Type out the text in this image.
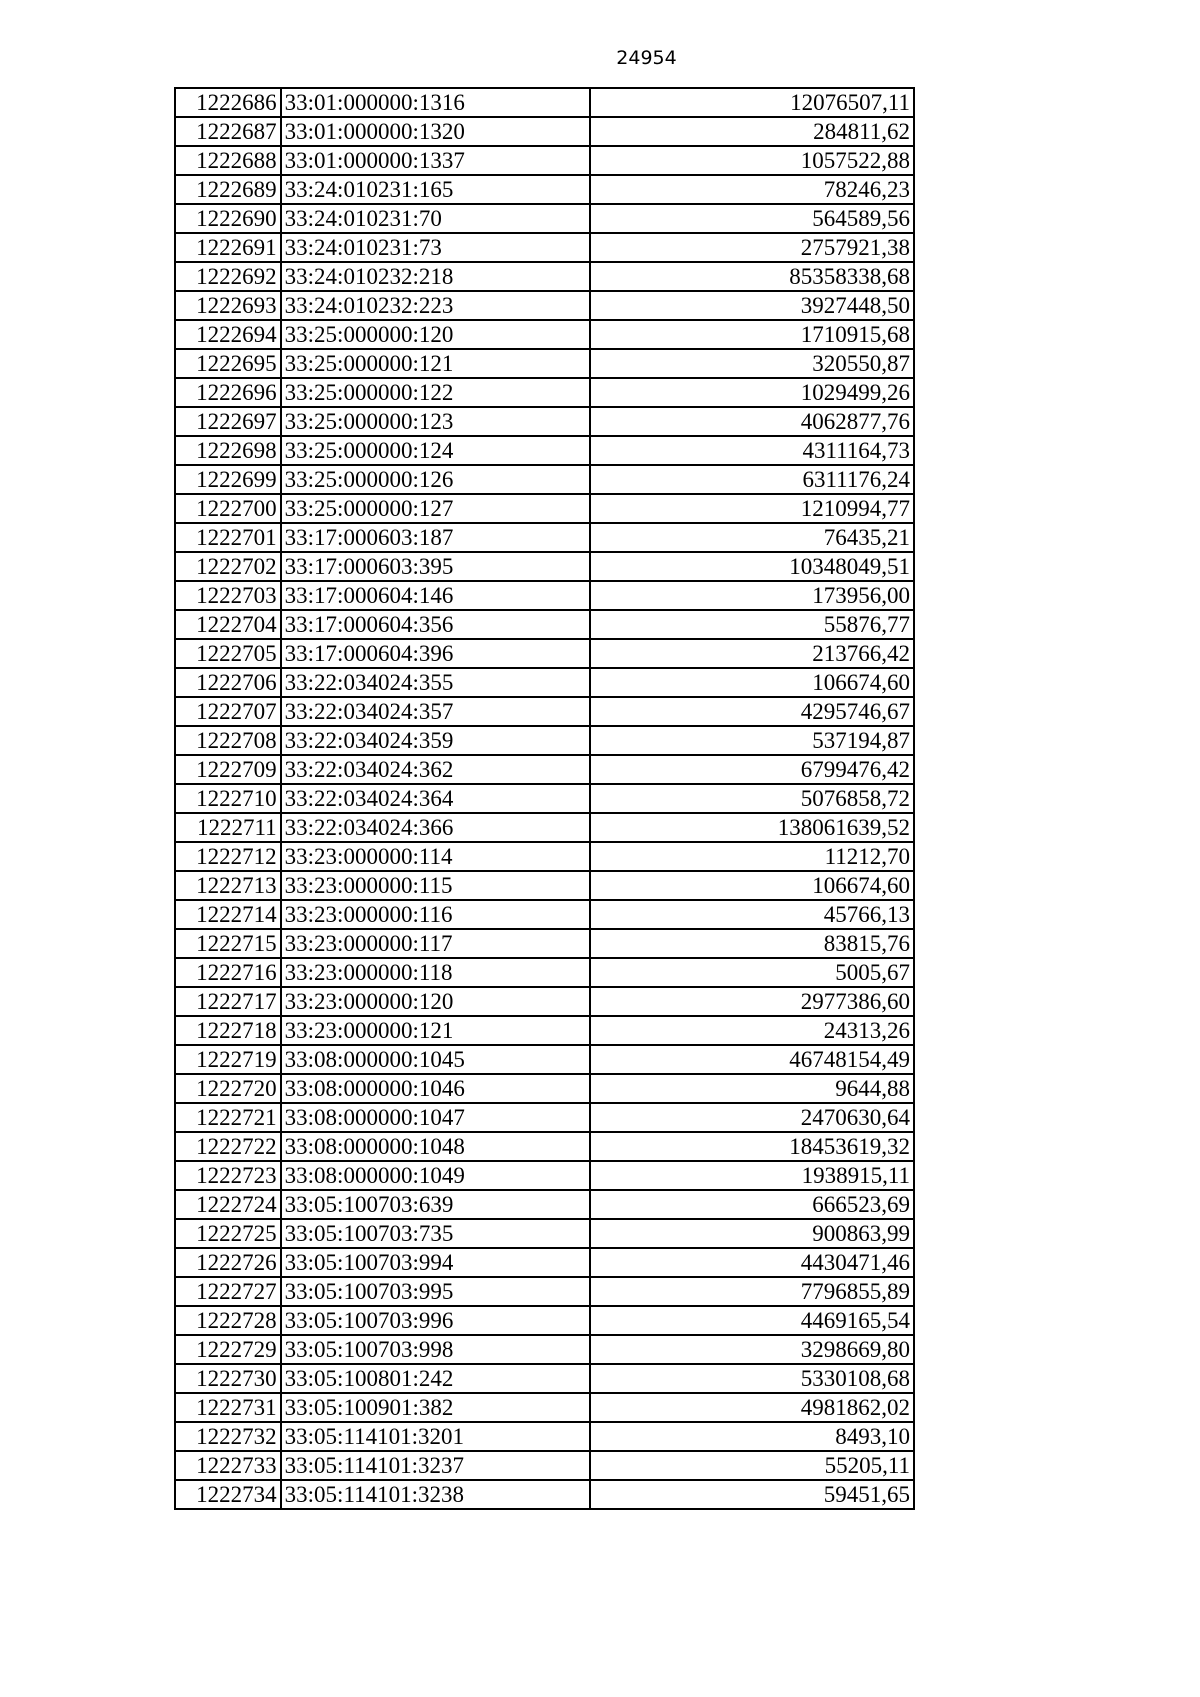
24954
1222686	33:01:000000:1316	12076507,11
1222687	33:01:000000:1320	284811,62
1222688	33:01:000000:1337	1057522,88
1222689	33:24:010231:165	78246,23
1222690	33:24:010231:70	564589,56
1222691	33:24:010231:73	2757921,38
1222692	33:24:010232:218	85358338,68
1222693	33:24:010232:223	3927448,50
1222694	33:25:000000:120	1710915,68
1222695	33:25:000000:121	320550,87
1222696	33:25:000000:122	1029499,26
1222697	33:25:000000:123	4062877,76
1222698	33:25:000000:124	4311164,73
1222699	33:25:000000:126	6311176,24
1222700	33:25:000000:127	1210994,77
1222701	33:17:000603:187	76435,21
1222702	33:17:000603:395	10348049,51
1222703	33:17:000604:146	173956,00
1222704	33:17:000604:356	55876,77
1222705	33:17:000604:396	213766,42
1222706	33:22:034024:355	106674,60
1222707	33:22:034024:357	4295746,67
1222708	33:22:034024:359	537194,87
1222709	33:22:034024:362	6799476,42
1222710	33:22:034024:364	5076858,72
1222711	33:22:034024:366	138061639,52
1222712	33:23:000000:114	11212,70
1222713	33:23:000000:115	106674,60
1222714	33:23:000000:116	45766,13
1222715	33:23:000000:117	83815,76
1222716	33:23:000000:118	5005,67
1222717	33:23:000000:120	2977386,60
1222718	33:23:000000:121	24313,26
1222719	33:08:000000:1045	46748154,49
1222720	33:08:000000:1046	9644,88
1222721	33:08:000000:1047	2470630,64
1222722	33:08:000000:1048	18453619,32
1222723	33:08:000000:1049	1938915,11
1222724	33:05:100703:639	666523,69
1222725	33:05:100703:735	900863,99
1222726	33:05:100703:994	4430471,46
1222727	33:05:100703:995	7796855,89
1222728	33:05:100703:996	4469165,54
1222729	33:05:100703:998	3298669,80
1222730	33:05:100801:242	5330108,68
1222731	33:05:100901:382	4981862,02
1222732	33:05:114101:3201	8493,10
1222733	33:05:114101:3237	55205,11
1222734	33:05:114101:3238	59451,65
